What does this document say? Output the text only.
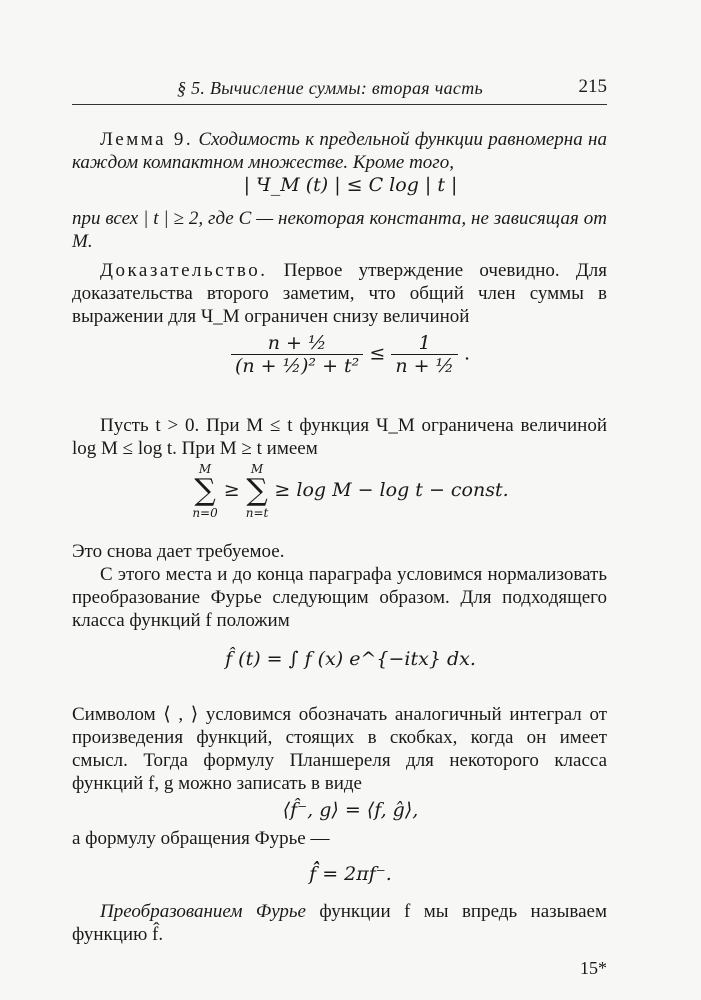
§ 5. Вычисление суммы: вторая часть	215
Лемма 9. Сходимость к предельной функции равномерна на каждом компактном множестве. Кроме того,
| Ч_M (t) | ≤ C log | t |
при всех | t | ≥ 2, где C — некоторая константа, не зависящая от M.
Доказательство. Первое утверждение очевидно. Для доказательства второго заметим, что общий член суммы в выражении для Ч_M ограничен снизу величиной
$\frac{\text{n + ½}}{\text{(n + ½)² + t²}} \le \frac{1}{\text{n + ½}}$ .
Пусть t > 0. При M ≤ t функция Ч_M ограничена величиной log M ≤ log t. При M ≥ t имеем
M
∑
n=0
≥
M
∑
n=t
≥ log M − log t − const.
Это снова дает требуемое.
С этого места и до конца параграфа условимся нормализовать преобразование Фурье следующим образом. Для подходящего класса функций f положим
f̂ (t) = ∫ f (x) e^{−itx} dx.
Символом ⟨ , ⟩ условимся обозначать аналогичный интеграл от произведения функций, стоящих в скобках, когда он имеет смысл. Тогда формулу Планшереля для некоторого класса функций f, g можно записать в виде
⟨f̂⁻, g⟩ = ⟨f, ĝ⟩,
а формулу обращения Фурье —
f̂̂ = 2πf⁻.
Преобразованием Фурье функции f мы впредь называем функцию f̂.
15*
